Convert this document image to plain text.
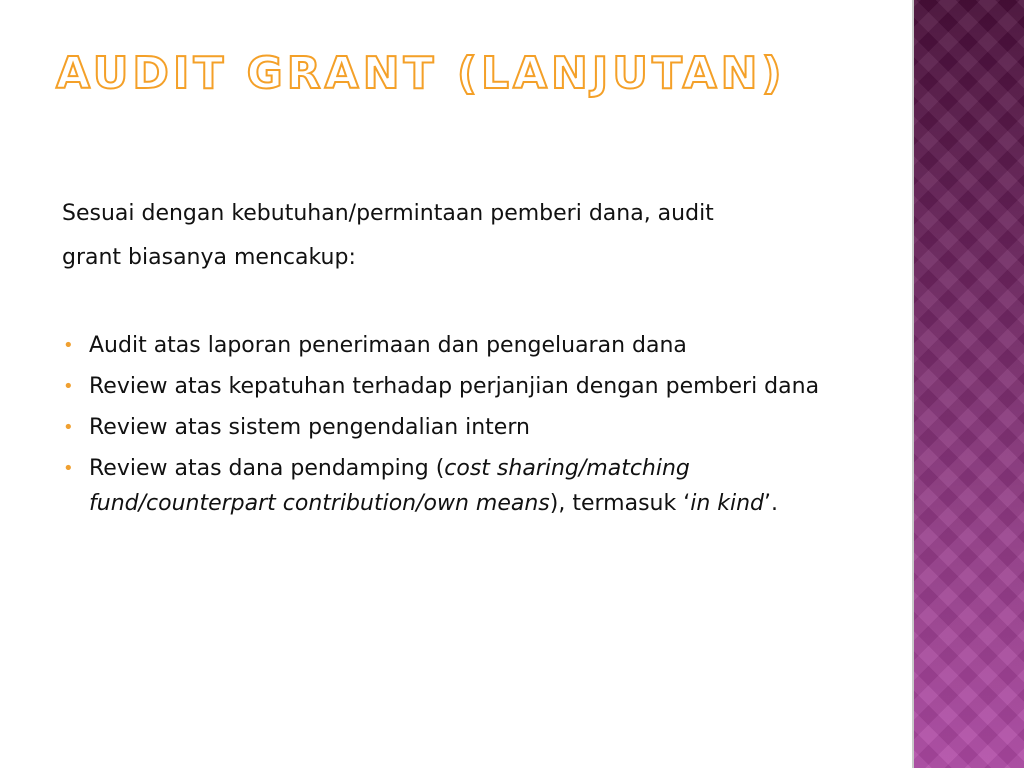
AUDIT GRANT (LANJUTAN)

Sesuai dengan kebutuhan/permintaan pemberi dana, audit
grant biasanya mencakup:

• Audit atas laporan penerimaan dan pengeluaran dana
• Review atas kepatuhan terhadap perjanjian dengan pemberi dana
• Review atas sistem pengendalian intern
• Review atas dana pendamping (cost sharing/matching fund/counterpart contribution/own means), termasuk ‘in kind’.
